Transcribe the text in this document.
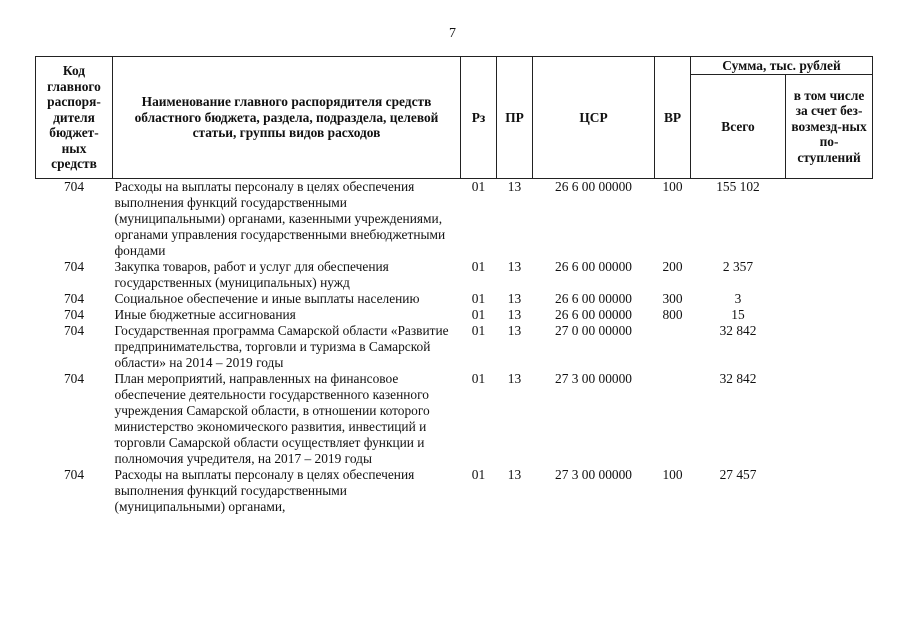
7
Код главного распоря-дителя бюджет-ных средств	Наименование главного распорядителя средств областного бюджета, раздела, подраздела, целевой статьи, группы видов расходов	Рз	ПР	ЦСР	ВР	Сумма, тыс. рублей	
						Всего	в том числе за счет без-возмезд-ных по-ступлений
704	Расходы на выплаты персоналу в целях обеспечения выполнения функций государственными (муниципальными) органами, казенными учреждениями, органами управления государственными внебюджетными фондами	01	13	26 6 00 00000	100	155 102	
704	Закупка товаров, работ и услуг для обеспечения государственных (муниципальных) нужд	01	13	26 6 00 00000	200	2 357	
704	Социальное обеспечение и иные выплаты населению	01	13	26 6 00 00000	300	3	
704	Иные бюджетные ассигнования	01	13	26 6 00 00000	800	15	
704	Государственная программа Самарской области «Развитие предпринимательства, торговли и туризма в Самарской области» на 2014 – 2019 годы	01	13	27 0 00 00000		32 842	
704	План мероприятий, направленных на финансовое обеспечение деятельности государственного казенного учреждения Самарской области, в отношении которого министерство экономического развития, инвестиций и торговли Самарской области осуществляет функции и полномочия учредителя, на 2017 – 2019 годы	01	13	27 3 00 00000		32 842	
704	Расходы на выплаты персоналу в целях обеспечения выполнения функций государственными (муниципальными) органами,	01	13	27 3 00 00000	100	27 457	
